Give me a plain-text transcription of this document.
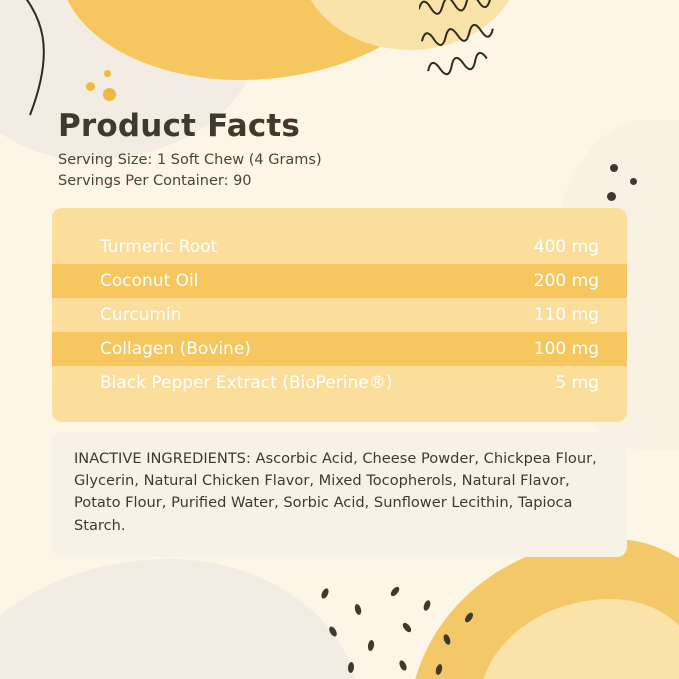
Product Facts
Serving Size: 1 Soft Chew (4 Grams)
Servings Per Container: 90
Turmeric Root	400 mg
Coconut Oil	200 mg
Curcumin	110 mg
Collagen (Bovine)	100 mg
Black Pepper Extract (BioPerine®)	5 mg
INACTIVE INGREDIENTS: Ascorbic Acid, Cheese Powder, Chickpea Flour, Glycerin, Natural Chicken Flavor, Mixed Tocopherols, Natural Flavor, Potato Flour, Purified Water, Sorbic Acid, Sunflower Lecithin, Tapioca Starch.
